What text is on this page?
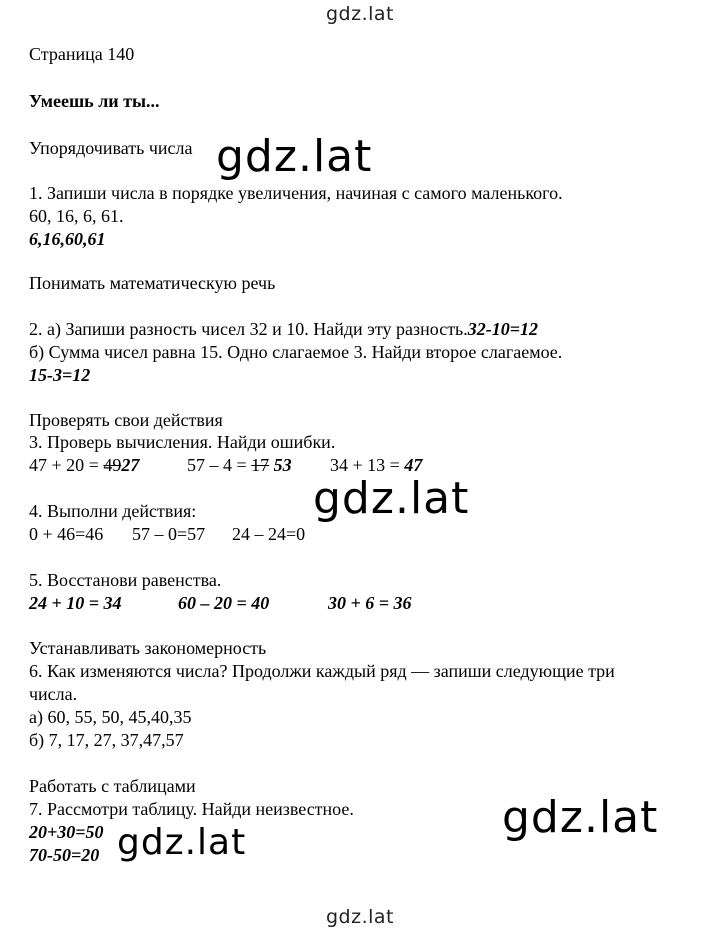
gdz.lat
Страница 140
Умеешь ли ты...
Упорядочивать числа
1. Запиши числа в порядке увеличения, начиная с самого маленького.
60, 16, 6, 61.
6,16,60,61
Понимать математическую речь
2. а) Запиши разность чисел 32 и 10. Найди эту разность.32-10=12
б) Сумма чисел равна 15. Одно слагаемое 3. Найди второе слагаемое.
15-3=12
Проверять свои действия
3. Проверь вычисления. Найди ошибки.
47 + 20 = 4927	57 – 4 = 17 53 34 + 13 = 47
4. Выполни действия:
0 + 46=46 57 – 0=57 24 – 24=0
5. Восстанови равенства.
24 + 10 = 34	60 – 20 = 40	30 + 6 = 36
Устанавливать закономерность
6. Как изменяются числа? Продолжи каждый ряд — запиши следующие три
числа.
а) 60, 55, 50, 45,40,35
б) 7, 17, 27, 37,47,57
Работать с таблицами
7. Рассмотри таблицу. Найди неизвестное.
20+30=50
70-50=20
gdz.lat
gdz.lat
gdz.lat
gdz.lat
gdz.lat
